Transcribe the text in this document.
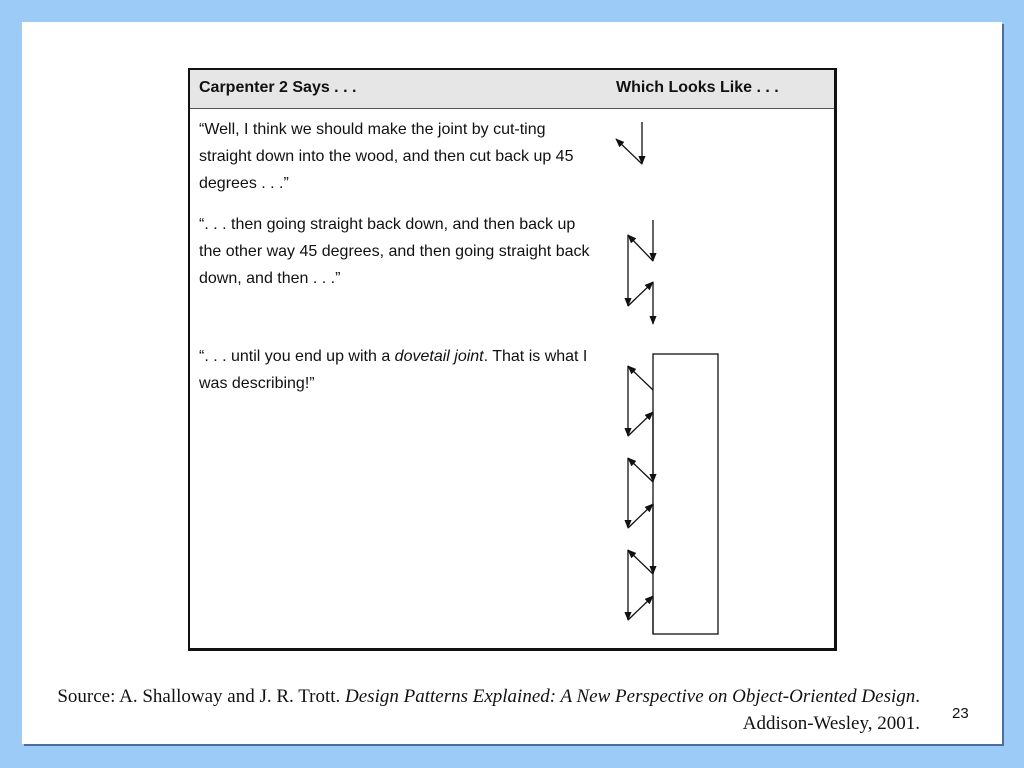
Carpenter 2 Says . . .	Which Looks Like . . .
“Well, I think we should make the joint by cut-ting straight down into the wood, and then cut back up 45 degrees . . .”
“. . . then going straight back down, and then back up the other way 45 degrees, and then going straight back down, and then . . .”
“. . . until you end up with a dovetail joint. That is what I was describing!”
Source: A. Shalloway and J. R. Trott. Design Patterns Explained: A New Perspective on Object-Oriented Design. Addison-Wesley, 2001. 23
